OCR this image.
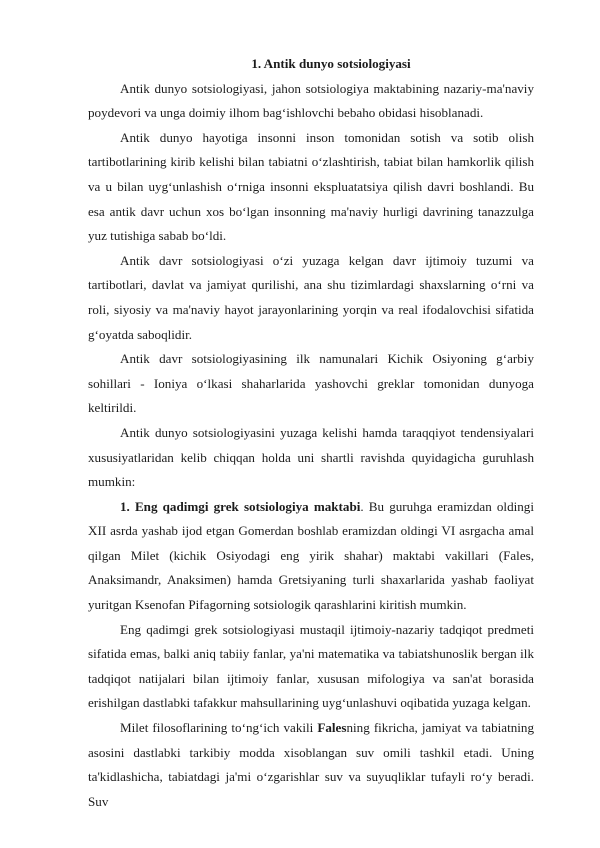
1. Antik dunyo sotsiologiyasi

Antik dunyo sotsiologiyasi, jahon sotsiologiya maktabining nazariy-ma'naviy poydevori va unga doimiy ilhom bag‘ishlovchi bebaho obidasi hisoblanadi.

Antik dunyo hayotiga insonni inson tomonidan sotish va sotib olish tartibotlarining kirib kelishi bilan tabiatni o‘zlashtirish, tabiat bilan hamkorlik qilish va u bilan uyg‘unlashish o‘rniga insonni ekspluatatsiya qilish davri boshlandi. Bu esa antik davr uchun xos bo‘lgan insonning ma'naviy hurligi davrining tanazzulga yuz tutishiga sabab bo‘ldi.

Antik davr sotsiologiyasi o‘zi yuzaga kelgan davr ijtimoiy tuzumi va tartibotlari, davlat va jamiyat qurilishi, ana shu tizimlardagi shaxslarning o‘rni va roli, siyosiy va ma'naviy hayot jarayonlarining yorqin va real ifodalovchisi sifatida g‘oyatda saboqlidir.

Antik davr sotsiologiyasining ilk namunalari Kichik Osiyoning g‘arbiy sohillari - Ioniya o‘lkasi shaharlarida yashovchi greklar tomonidan dunyoga keltirildi.

Antik dunyo sotsiologiyasini yuzaga kelishi hamda taraqqiyot tendensiyalari xususiyatlaridan kelib chiqqan holda uni shartli ravishda quyidagicha guruhlash mumkin:

1. Eng qadimgi grek sotsiologiya maktabi. Bu guruhga eramizdan oldingi XII asrda yashab ijod etgan Gomerdan boshlab eramizdan oldingi VI asrgacha amal qilgan Milet (kichik Osiyodagi eng yirik shahar) maktabi vakillari (Fales, Anaksimandr, Anaksimen) hamda Gretsiyaning turli shaxarlarida yashab faoliyat yuritgan Ksenofan Pifagorning sotsiologik qarashlarini kiritish mumkin.

Eng qadimgi grek sotsiologiyasi mustaqil ijtimoiy-nazariy tadqiqot predmeti sifatida emas, balki aniq tabiiy fanlar, ya'ni matematika va tabiatshunoslik bergan ilk tadqiqot natijalari bilan ijtimoiy fanlar, xususan mifologiya va san'at borasida erishilgan dastlabki tafakkur mahsullarining uyg‘unlashuvi oqibatida yuzaga kelgan.

Milet filosoflarining to‘ng‘ich vakili Falesning fikricha, jamiyat va tabiatning asosini dastlabki tarkibiy modda xisoblangan suv omili tashkil etadi. Uning ta'kidlashicha, tabiatdagi ja'mi o‘zgarishlar suv va suyuqliklar tufayli ro‘y beradi. Suv
